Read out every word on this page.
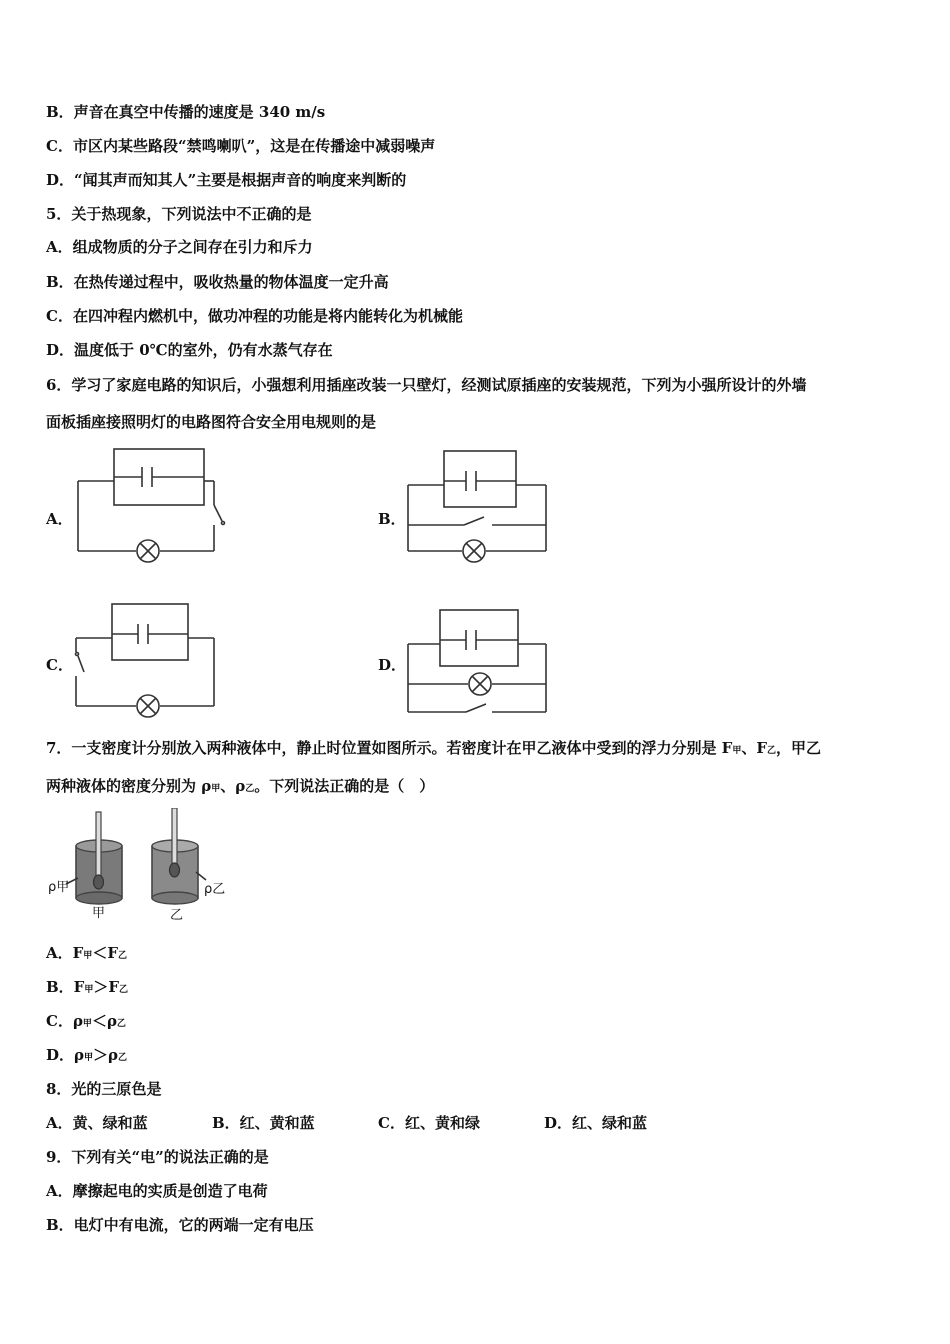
B．声音在真空中传播的速度是 340 m/s
C．市区内某些路段“禁鸣喇叭”，这是在传播途中减弱噪声
D．“闻其声而知其人”主要是根据声音的响度来判断的
5．关于热现象，下列说法中不正确的是
A．组成物质的分子之间存在引力和斥力
B．在热传递过程中，吸收热量的物体温度一定升高
C．在四冲程内燃机中，做功冲程的功能是将内能转化为机械能
D．温度低于 0℃的室外，仍有水蒸气存在
6．学习了家庭电路的知识后，小强想利用插座改装一只壁灯，经测试原插座的安装规范，下列为小强所设计的外墙
面板插座接照明灯的电路图符合安全用电规则的是
A．	B．
C．	D．
7．一支密度计分别放入两种液体中，静止时位置如图所示。若密度计在甲乙液体中受到的浮力分别是 F甲、F乙，甲乙
两种液体的密度分别为 ρ甲、ρ乙。下列说法正确的是（　）
ρ甲	ρ乙
甲	乙
A．F甲＜F乙
B．F甲＞F乙
C．ρ甲＜ρ乙
D．ρ甲＞ρ乙
8．光的三原色是
A．黄、绿和蓝	B．红、黄和蓝	C．红、黄和绿	D．红、绿和蓝
9．下列有关“电”的说法正确的是
A．摩擦起电的实质是创造了电荷
B．电灯中有电流，它的两端一定有电压
